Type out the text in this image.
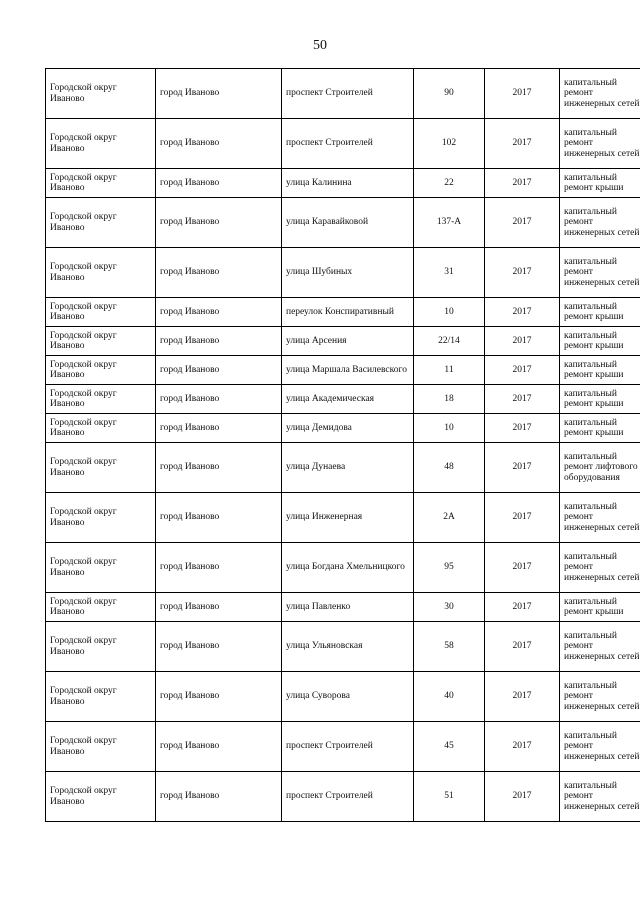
50
Городской округ Иваново	город Иваново	проспект Строителей	90	2017	капитальный ремонт инженерных сетей
Городской округ Иваново	город Иваново	проспект Строителей	102	2017	капитальный ремонт инженерных сетей
Городской округ Иваново	город Иваново	улица Калинина	22	2017	капитальный ремонт крыши
Городской округ Иваново	город Иваново	улица Каравайковой	137-А	2017	капитальный ремонт инженерных сетей
Городской округ Иваново	город Иваново	улица Шубиных	31	2017	капитальный ремонт инженерных сетей
Городской округ Иваново	город Иваново	переулок Конспиративный	10	2017	капитальный ремонт крыши
Городской округ Иваново	город Иваново	улица Арсения	22/14	2017	капитальный ремонт крыши
Городской округ Иваново	город Иваново	улица Маршала Василевского	11	2017	капитальный ремонт крыши
Городской округ Иваново	город Иваново	улица Академическая	18	2017	капитальный ремонт крыши
Городской округ Иваново	город Иваново	улица Демидова	10	2017	капитальный ремонт крыши
Городской округ Иваново	город Иваново	улица Дунаева	48	2017	капитальный ремонт лифтового оборудования
Городской округ Иваново	город Иваново	улица Инженерная	2А	2017	капитальный ремонт инженерных сетей
Городской округ Иваново	город Иваново	улица Богдана Хмельницкого	95	2017	капитальный ремонт инженерных сетей
Городской округ Иваново	город Иваново	улица Павленко	30	2017	капитальный ремонт крыши
Городской округ Иваново	город Иваново	улица Ульяновская	58	2017	капитальный ремонт инженерных сетей
Городской округ Иваново	город Иваново	улица Суворова	40	2017	капитальный ремонт инженерных сетей
Городской округ Иваново	город Иваново	проспект Строителей	45	2017	капитальный ремонт инженерных сетей
Городской округ Иваново	город Иваново	проспект Строителей	51	2017	капитальный ремонт инженерных сетей
